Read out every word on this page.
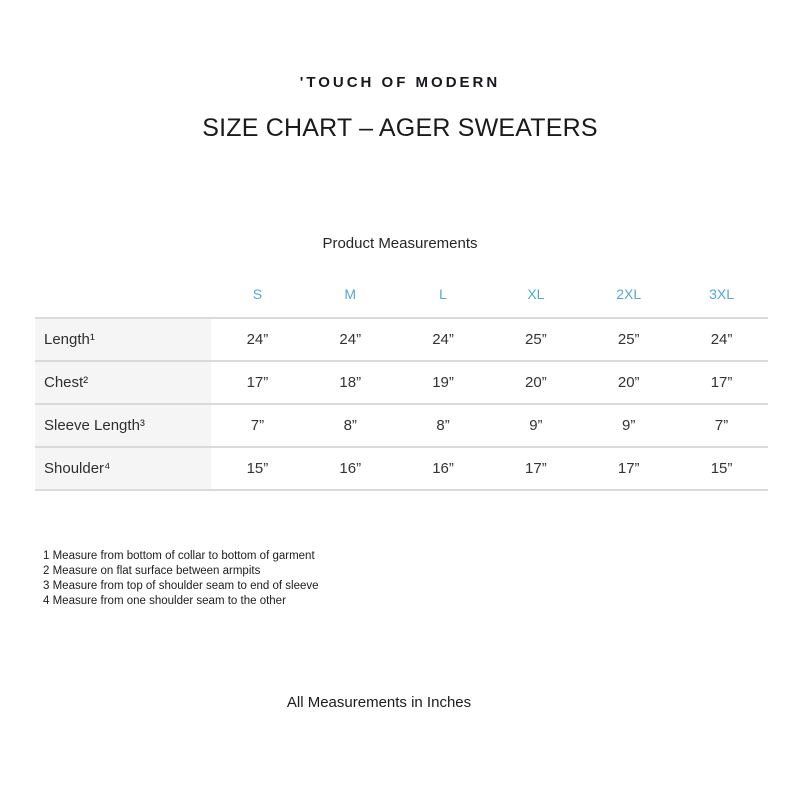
'TOUCH OF MODERN
SIZE CHART – AGER SWEATERS
Product Measurements
	S	M	L	XL	2XL	3XL
Length¹	24”	24”	24”	25”	25”	24”
Chest²	17”	18”	19”	20”	20”	17”
Sleeve Length³	7”	8”	8”	9”	9”	7”
Shoulder⁴	15”	16”	16”	17”	17”	15”
1 Measure from bottom of collar to bottom of garment
2 Measure on flat surface between armpits
3 Measure from top of shoulder seam to end of sleeve
4 Measure from one shoulder seam to the other
All Measurements in Inches
